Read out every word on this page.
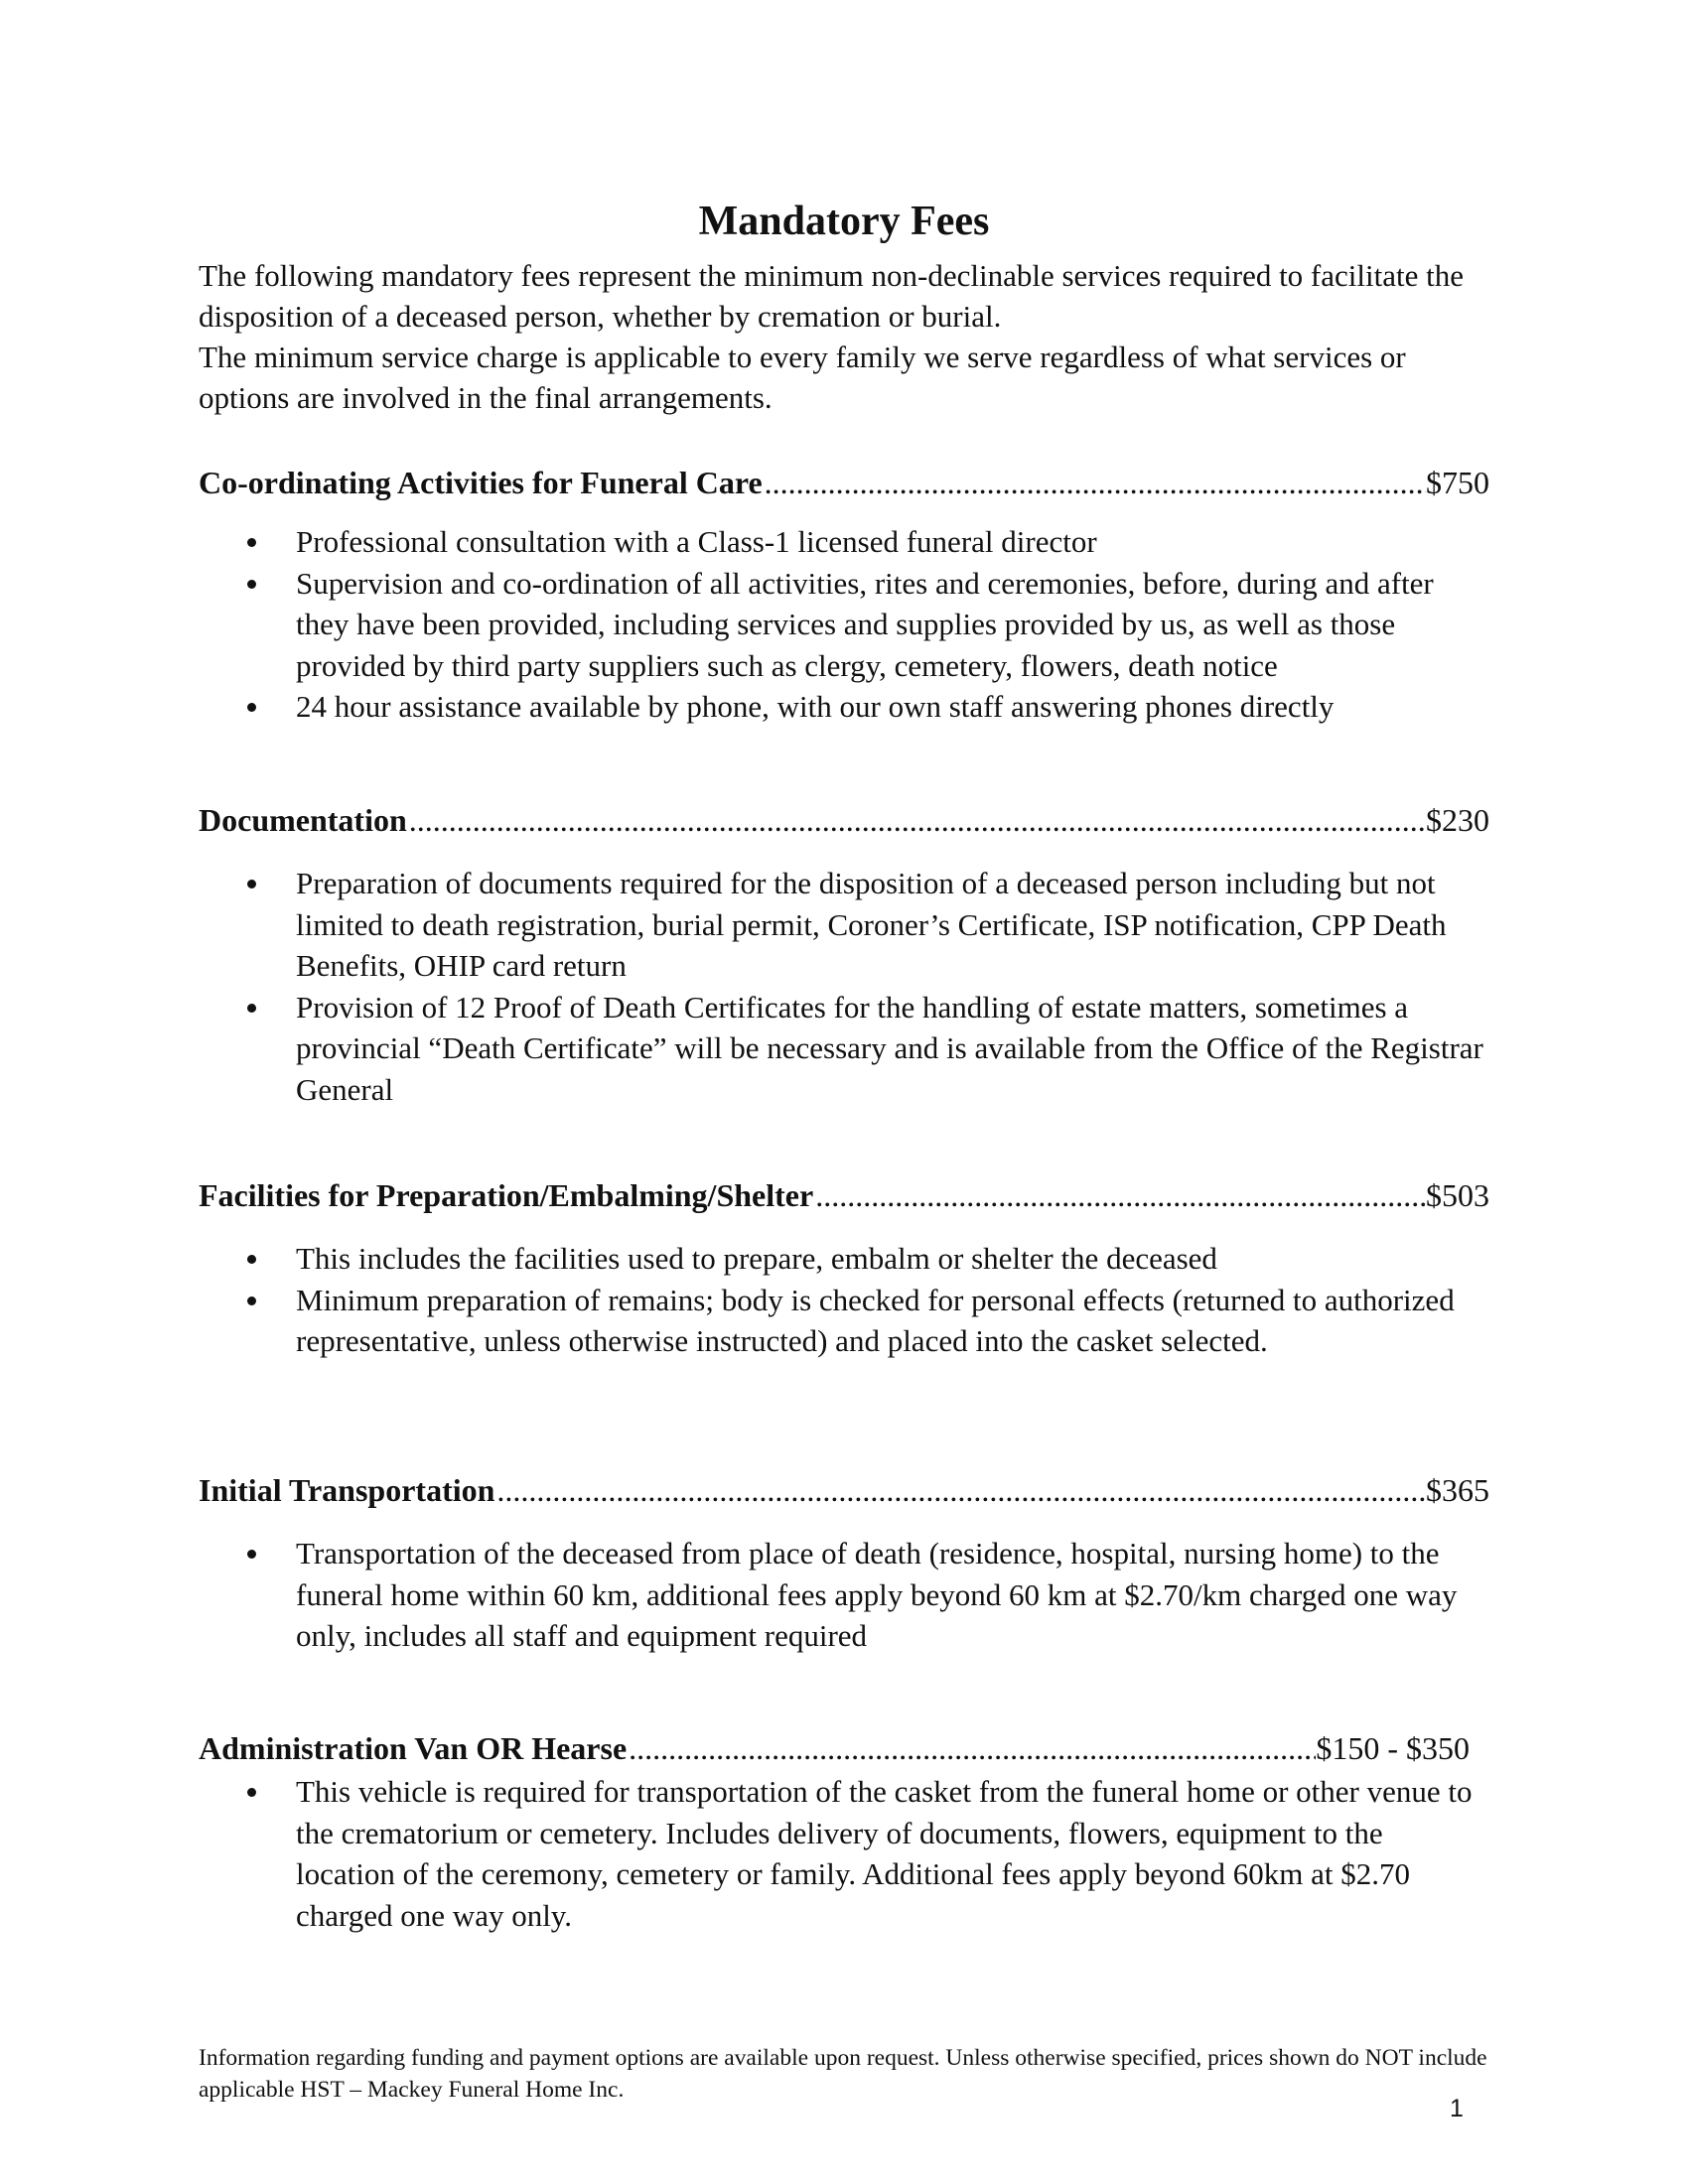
Mandatory Fees

The following mandatory fees represent the minimum non-declinable services required to facilitate the disposition of a deceased person, whether by cremation or burial.

The minimum service charge is applicable to every family we serve regardless of what services or options are involved in the final arrangements.

Co-ordinating Activities for Funeral Care .....	$750
Professional consultation with a Class-1 licensed funeral director
Supervision and co-ordination of all activities, rites and ceremonies, before, during and after they have been provided, including services and supplies provided by us, as well as those provided by third party suppliers such as clergy, cemetery, flowers, death notice
24 hour assistance available by phone, with our own staff answering phones directly
Documentation .....	$230
Preparation of documents required for the disposition of a deceased person including but not limited to death registration, burial permit, Coroner’s Certificate, ISP notification, CPP Death Benefits, OHIP card return
Provision of 12 Proof of Death Certificates for the handling of estate matters, sometimes a provincial “Death Certificate” will be necessary and is available from the Office of the Registrar General
Facilities for Preparation/Embalming/Shelter .....	$503
This includes the facilities used to prepare, embalm or shelter the deceased
Minimum preparation of remains; body is checked for personal effects (returned to authorized representative, unless otherwise instructed) and placed into the casket selected.
Initial Transportation .....	$365
Transportation of the deceased from place of death (residence, hospital, nursing home) to the funeral home within 60 km, additional fees apply beyond 60 km at $2.70/km charged one way only, includes all staff and equipment required
Administration Van OR Hearse .....	$150 - $350
This vehicle is required for transportation of the casket from the funeral home or other venue to the crematorium or cemetery. Includes delivery of documents, flowers, equipment to the location of the ceremony, cemetery or family. Additional fees apply beyond 60km at $2.70 charged one way only.
Information regarding funding and payment options are available upon request. Unless otherwise specified, prices shown do NOT include applicable HST – Mackey Funeral Home Inc.
1
